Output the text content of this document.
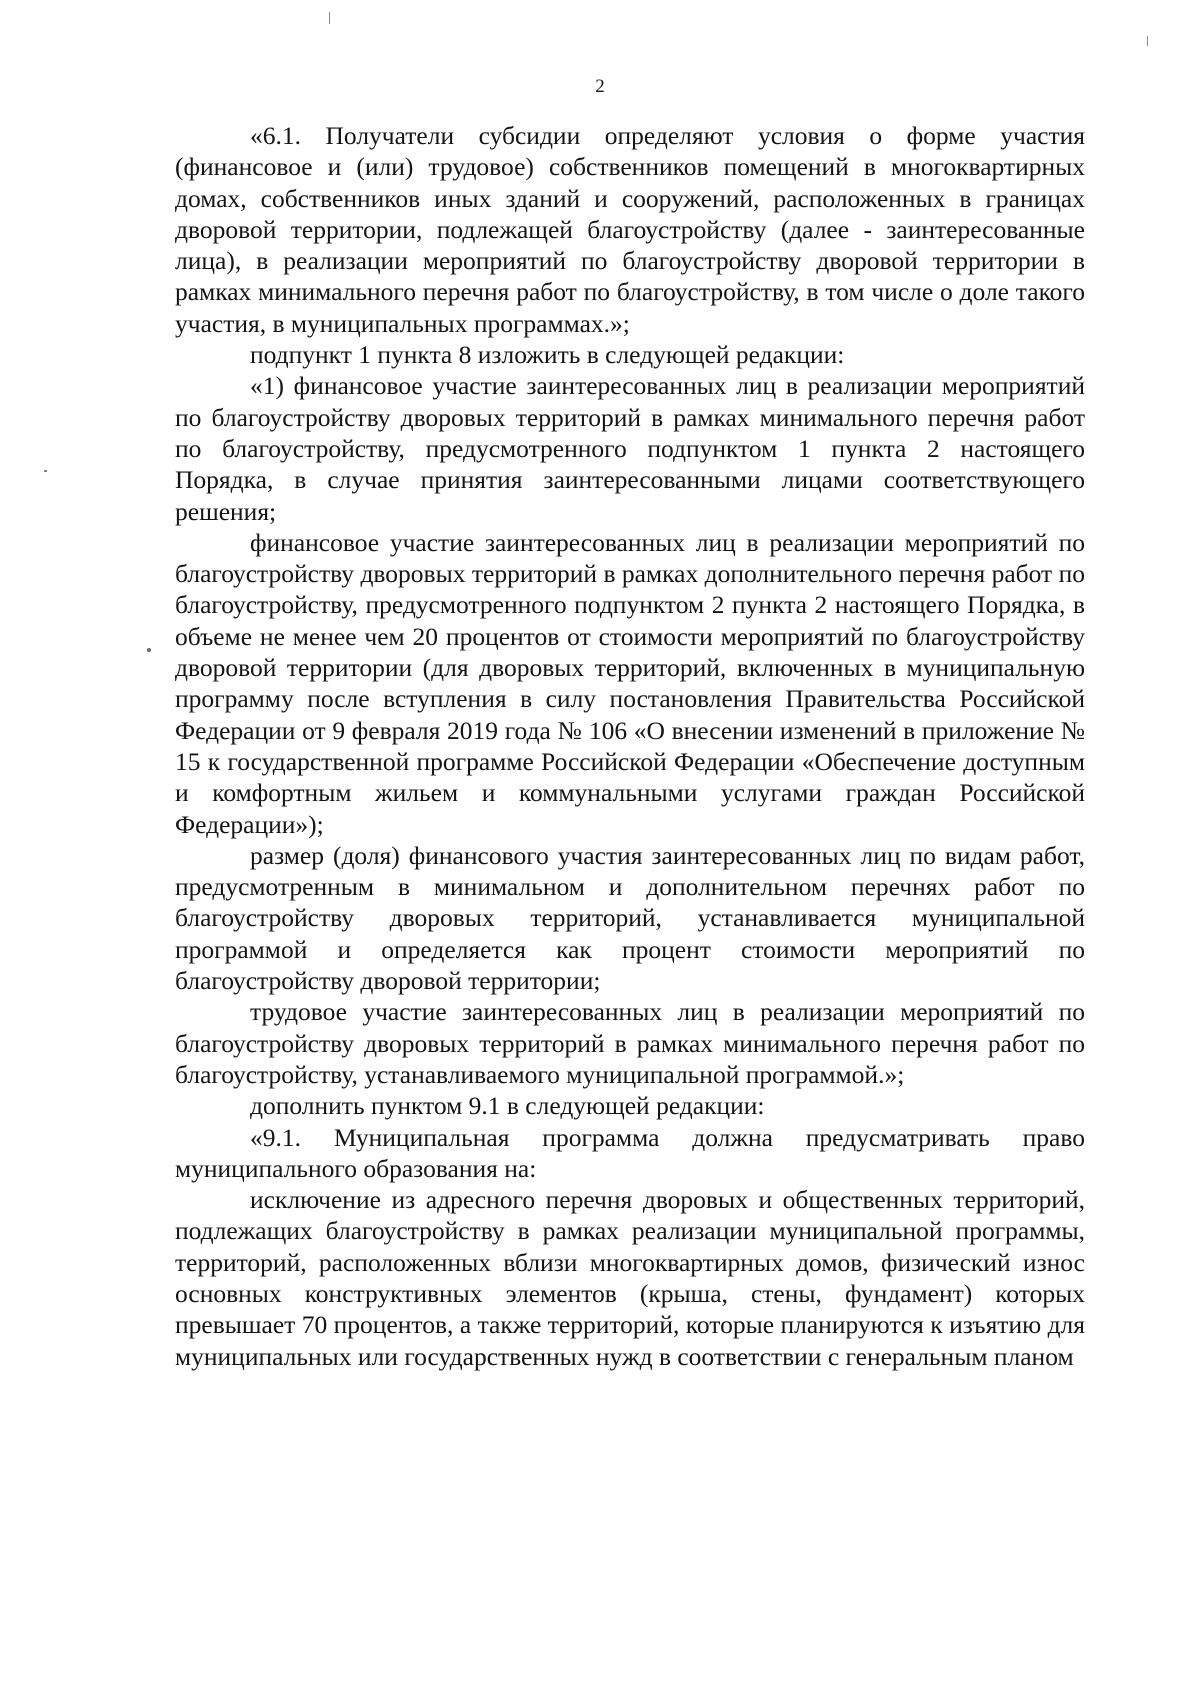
2

«6.1. Получатели субсидии определяют условия о форме участия (финансовое и (или) трудовое) собственников помещений в многоквартирных домах, собственников иных зданий и сооружений, расположенных в границах дворовой территории, подлежащей благоустройству (далее - заинтересованные лица), в реализации мероприятий по благоустройству дворовой территории в рамках минимального перечня работ по благоустройству, в том числе о доле такого участия, в муниципальных программах.»;

подпункт 1 пункта 8 изложить в следующей редакции:

«1) финансовое участие заинтересованных лиц в реализации мероприятий по благоустройству дворовых территорий в рамках минимального перечня работ по благоустройству, предусмотренного подпунктом 1 пункта 2 настоящего Порядка, в случае принятия заинтересованными лицами соответствующего решения;

финансовое участие заинтересованных лиц в реализации мероприятий по благоустройству дворовых территорий в рамках дополнительного перечня работ по благоустройству, предусмотренного подпунктом 2 пункта 2 настоящего Порядка, в объеме не менее чем 20 процентов от стоимости мероприятий по благоустройству дворовой территории (для дворовых территорий, включенных в муниципальную программу после вступления в силу постановления Правительства Российской Федерации от 9 февраля 2019 года № 106 «О внесении изменений в приложение № 15 к государственной программе Российской Федерации «Обеспечение доступным и комфортным жильем и коммунальными услугами граждан Российской Федерации»);

размер (доля) финансового участия заинтересованных лиц по видам работ, предусмотренным в минимальном и дополнительном перечнях работ по благоустройству дворовых территорий, устанавливается муниципальной программой и определяется как процент стоимости мероприятий по благоустройству дворовой территории;

трудовое участие заинтересованных лиц в реализации мероприятий по благоустройству дворовых территорий в рамках минимального перечня работ по благоустройству, устанавливаемого муниципальной программой.»;

дополнить пунктом 9.1 в следующей редакции:

«9.1. Муниципальная программа должна предусматривать право муниципального образования на:

исключение из адресного перечня дворовых и общественных территорий, подлежащих благоустройству в рамках реализации муниципальной программы, территорий, расположенных вблизи многоквартирных домов, физический износ основных конструктивных элементов (крыша, стены, фундамент) которых превышает 70 процентов, а также территорий, которые планируются к изъятию для муниципальных или государственных нужд в соответствии с генеральным планом
